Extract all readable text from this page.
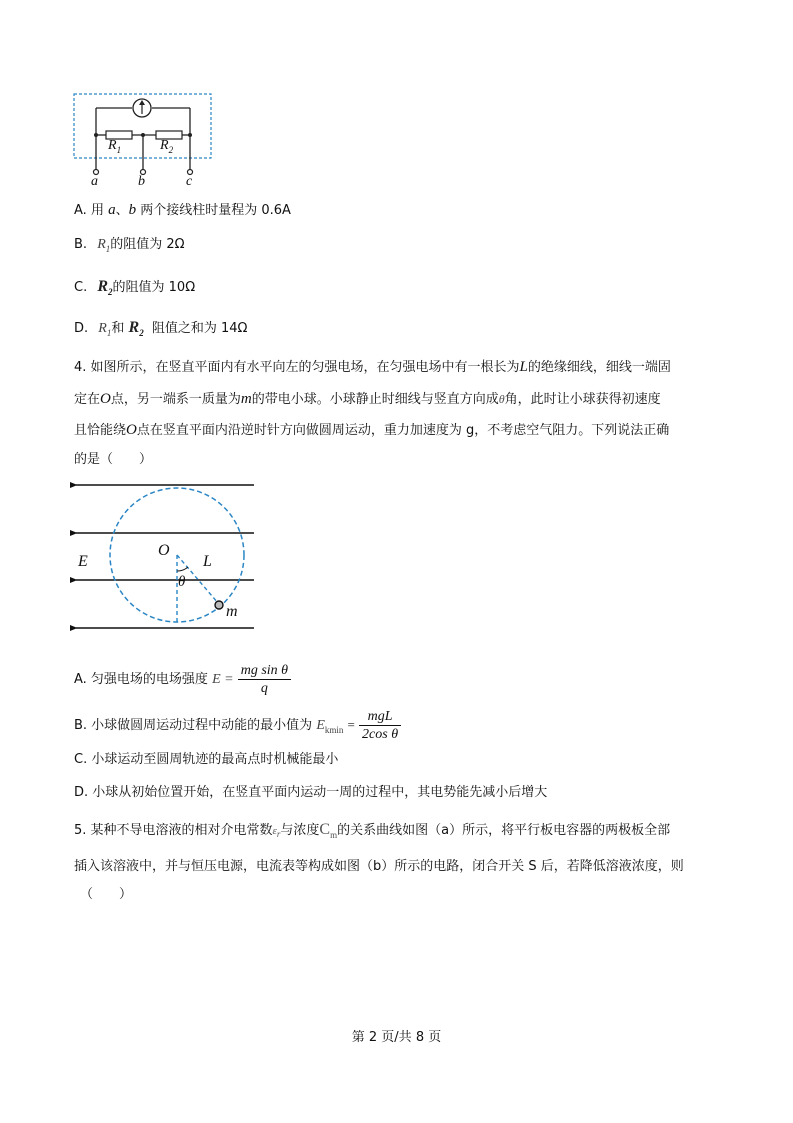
$R_1$	$R_2$
a	b	c
A. 用 a、b 两个接线柱时量程为 0.6A
B. $R_1$的阻值为 2Ω
C. $R_2$的阻值为 10Ω
D. $R_1$和 $R_2$ 阻值之和为 14Ω
4. 如图所示，在竖直平面内有水平向左的匀强电场，在匀强电场中有一根长为L的绝缘细线，细线一端固
定在O点，另一端系一质量为m的带电小球。小球静止时细线与竖直方向成θ角，此时让小球获得初速度
且恰能绕O点在竖直平面内沿逆时针方向做圆周运动，重力加速度为 g，不考虑空气阻力。下列说法正确
的是（　　）
E
O
L
θ
m
A. 匀强电场的电场强度 $E = \frac{\text{mg sin θ}}{q}$
B. 小球做圆周运动过程中动能的最小值为 $E_{kmin} = \frac{\text{mgL}}{\text{2cos θ}}$
C. 小球运动至圆周轨迹的最高点时机械能最小
D. 小球从初始位置开始，在竖直平面内运动一周的过程中，其电势能先减小后增大
5. 某种不导电溶液的相对介电常数$\varepsilon_r$与浓度$C_m$的关系曲线如图（a）所示，将平行板电容器的两极板全部
插入该溶液中，并与恒压电源，电流表等构成如图（b）所示的电路，闭合开关 S 后，若降低溶液浓度，则
（　　）
第 2 页/共 8 页
